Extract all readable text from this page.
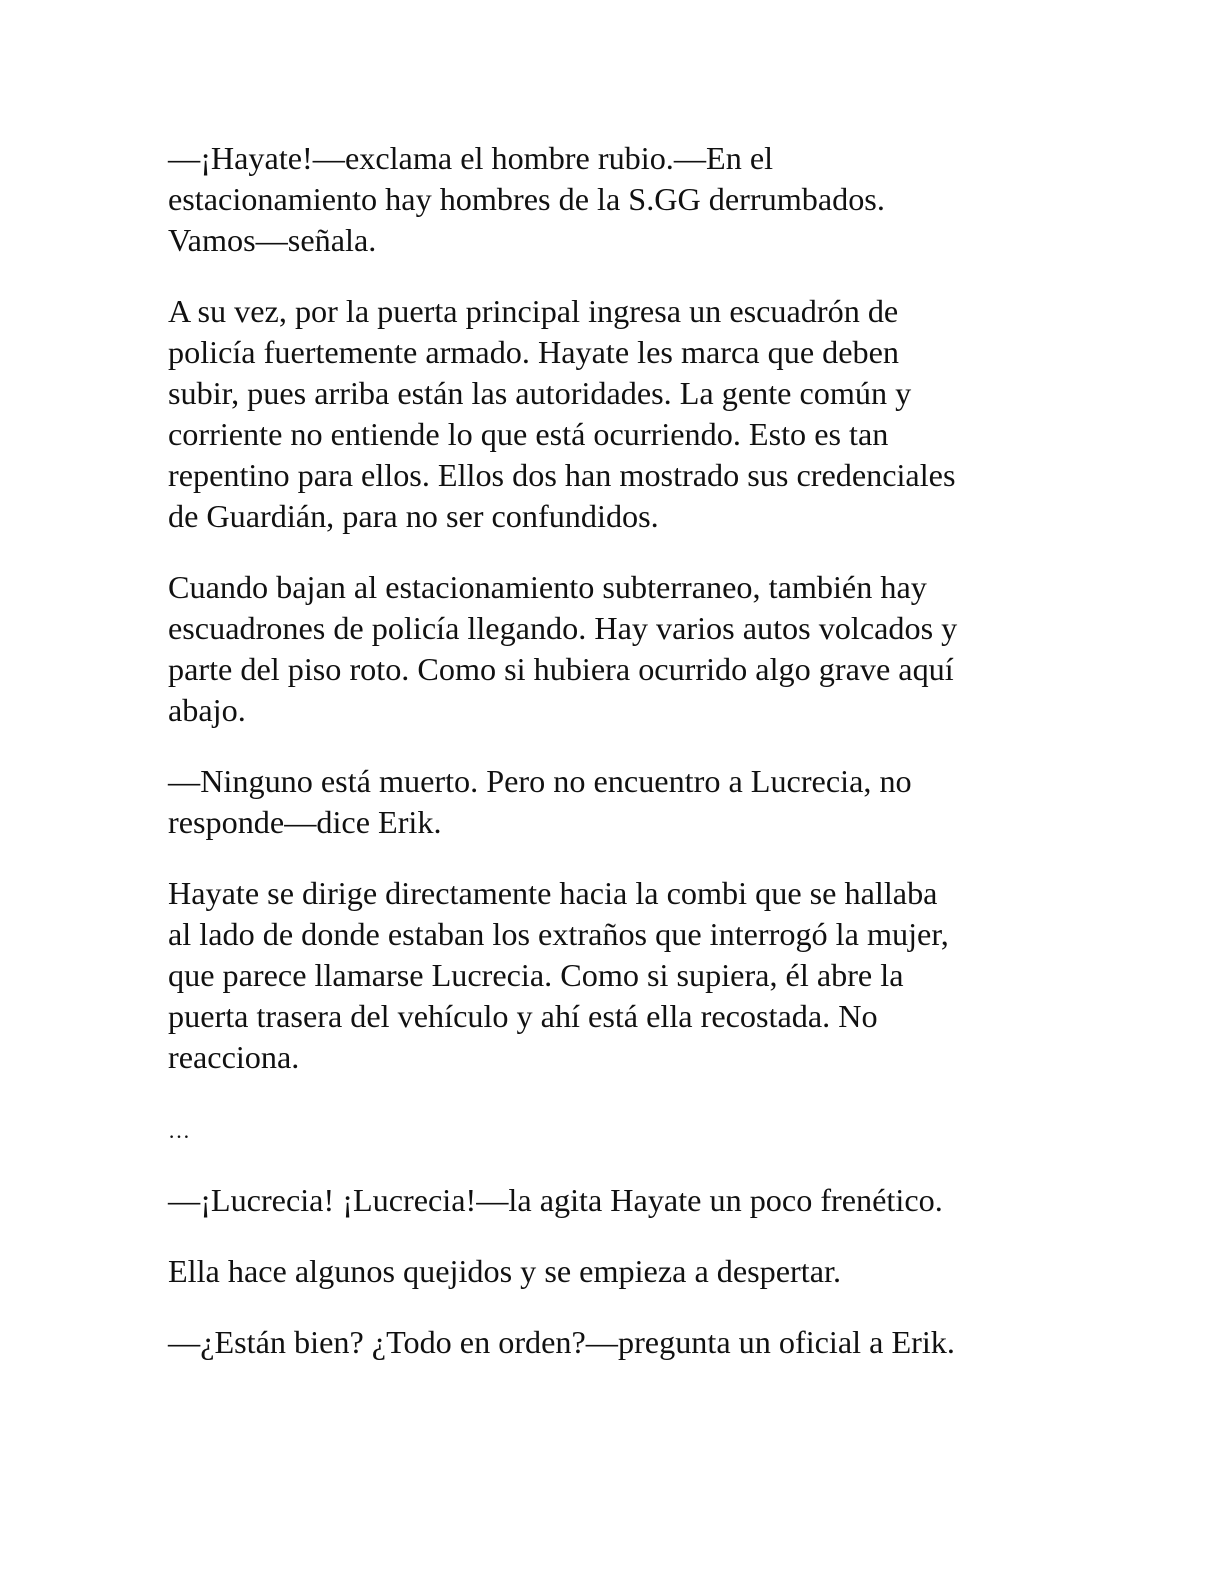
—¡Hayate!—exclama el hombre rubio.—En el
estacionamiento hay hombres de la S.GG derrumbados.
Vamos—señala.

A su vez, por la puerta principal ingresa un escuadrón de
policía fuertemente armado. Hayate les marca que deben
subir, pues arriba están las autoridades. La gente común y
corriente no entiende lo que está ocurriendo. Esto es tan
repentino para ellos. Ellos dos han mostrado sus credenciales
de Guardián, para no ser confundidos.

Cuando bajan al estacionamiento subterraneo, también hay
escuadrones de policía llegando. Hay varios autos volcados y
parte del piso roto. Como si hubiera ocurrido algo grave aquí
abajo.

—Ninguno está muerto. Pero no encuentro a Lucrecia, no
responde—dice Erik.

Hayate se dirige directamente hacia la combi que se hallaba
al lado de donde estaban los extraños que interrogó la mujer,
que parece llamarse Lucrecia. Como si supiera, él abre la
puerta trasera del vehículo y ahí está ella recostada. No
reacciona.

…

—¡Lucrecia! ¡Lucrecia!—la agita Hayate un poco frenético.

Ella hace algunos quejidos y se empieza a despertar.

—¿Están bien? ¿Todo en orden?—pregunta un oficial a Erik.
